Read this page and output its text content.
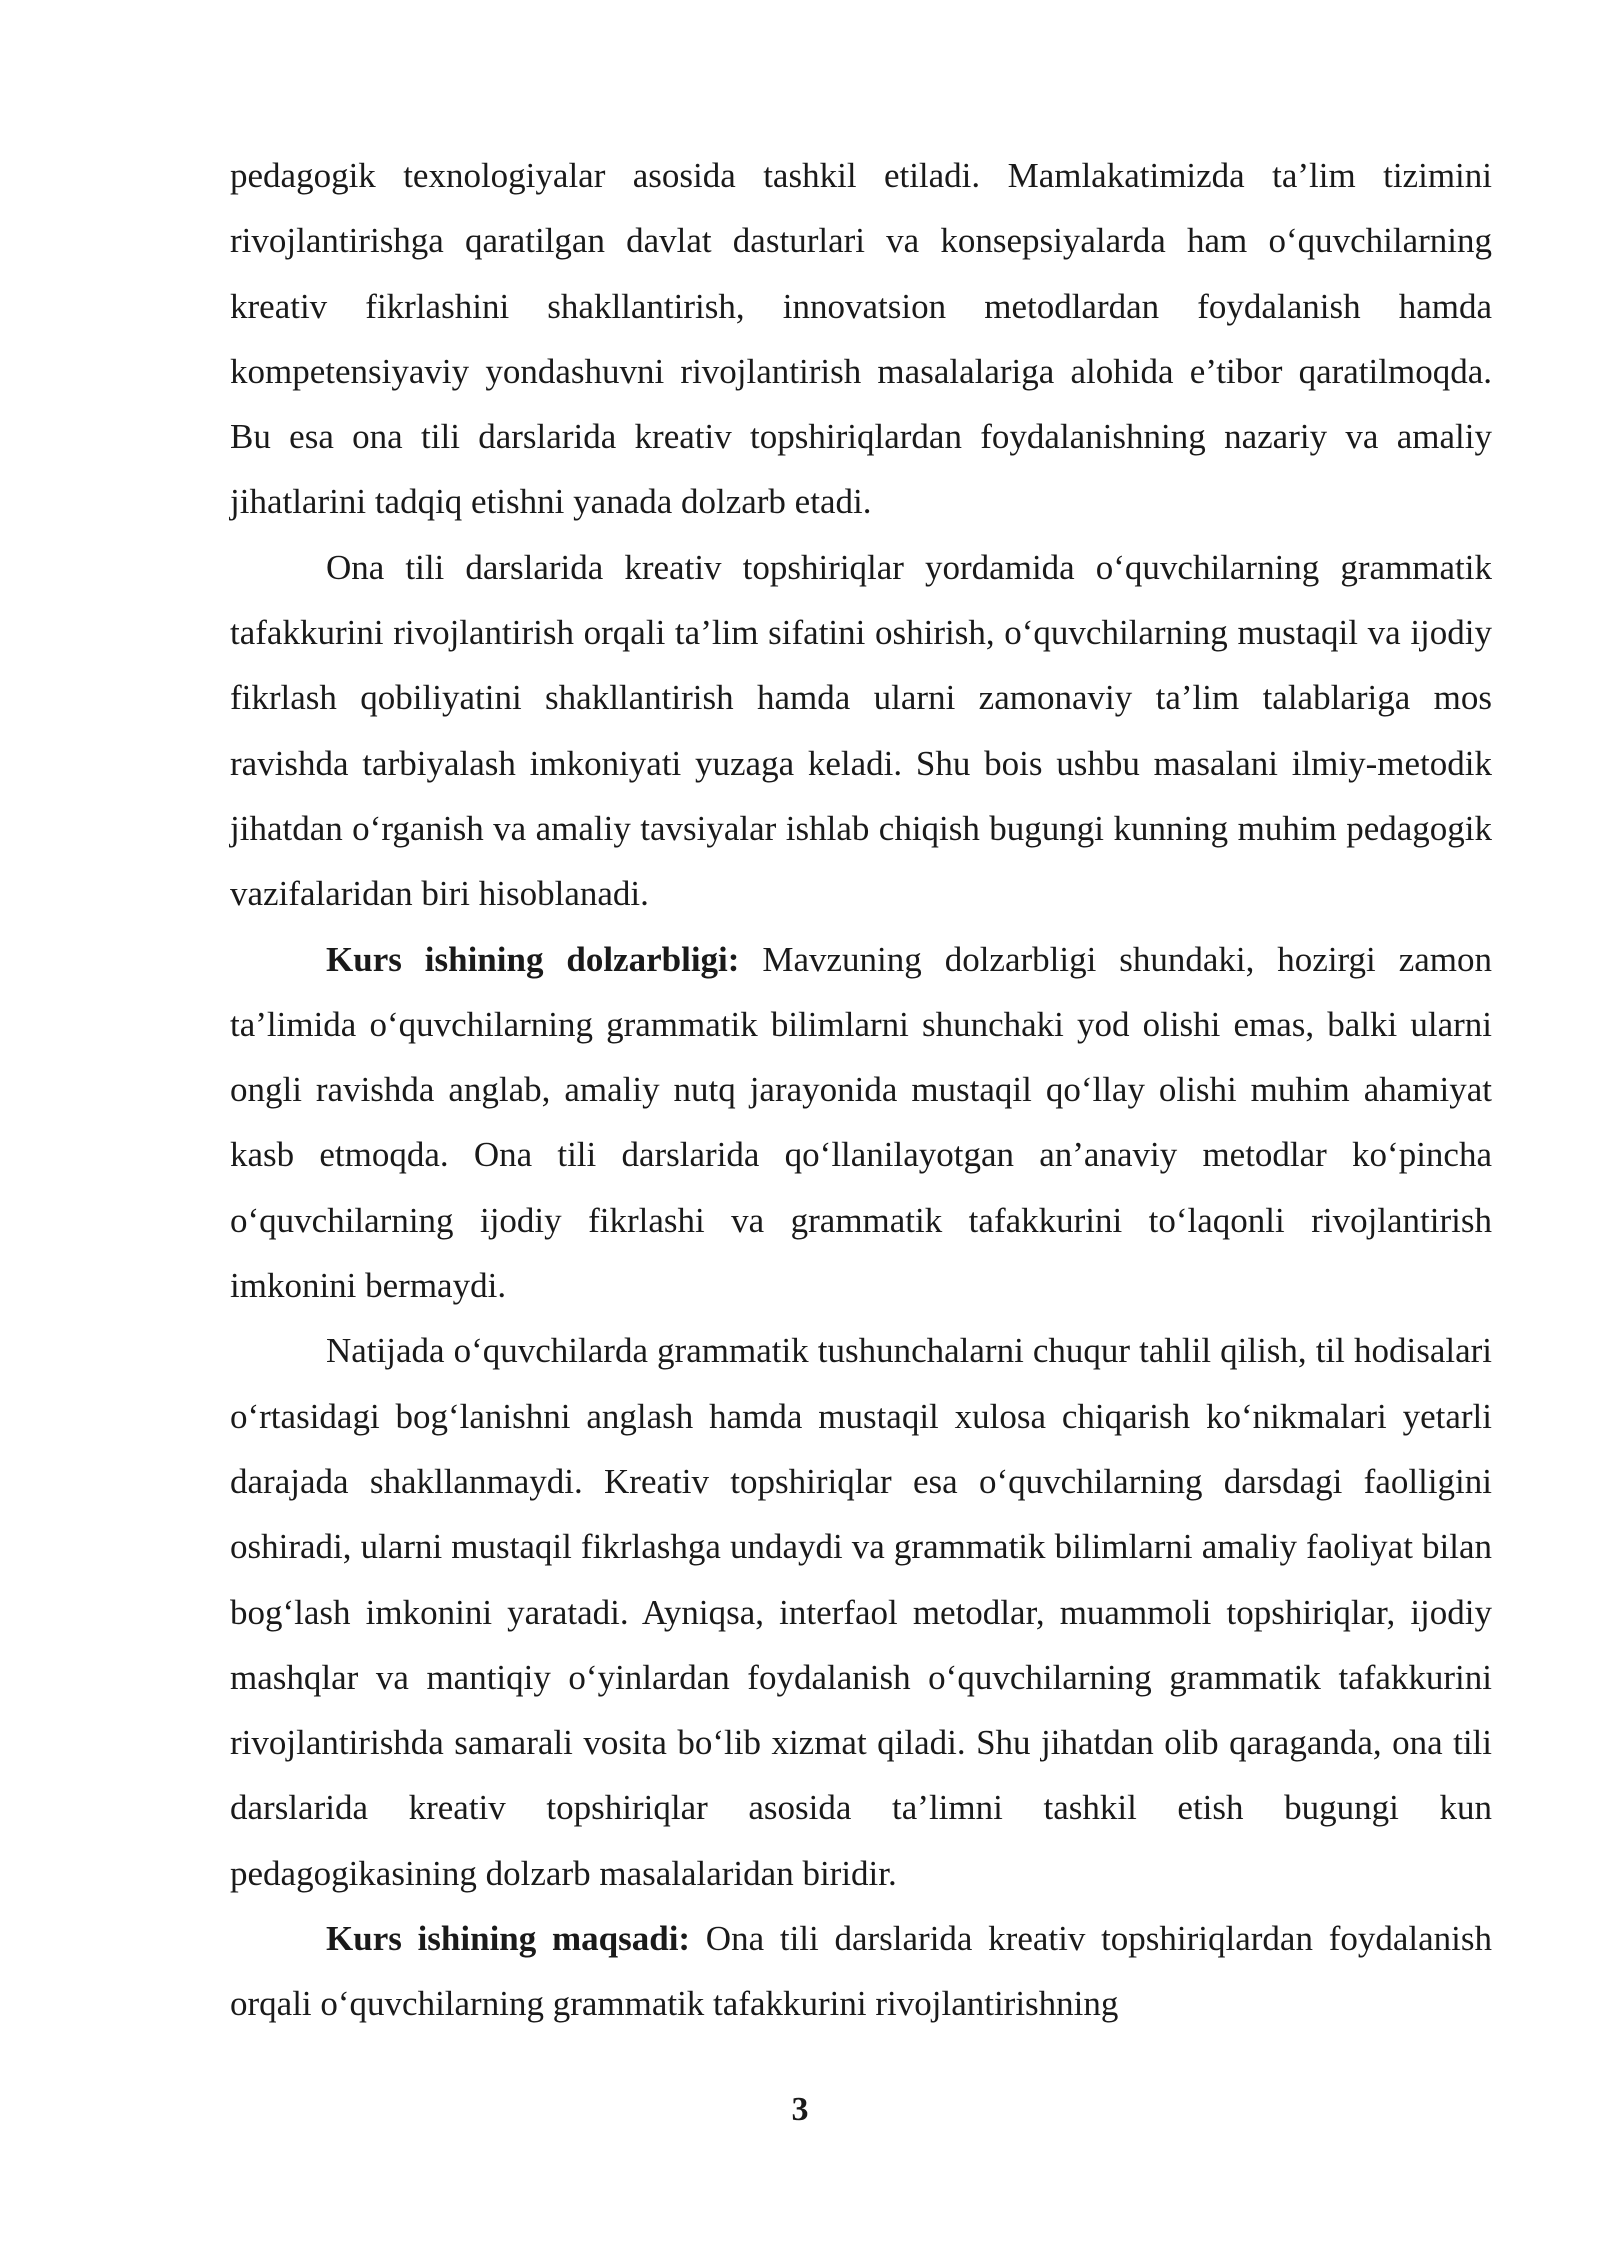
pedagogik texnologiyalar asosida tashkil etiladi. Mamlakatimizda ta’lim tizimini rivojlantirishga qaratilgan davlat dasturlari va konsepsiyalarda ham o‘quvchilarning kreativ fikrlashini shakllantirish, innovatsion metodlardan foydalanish hamda kompetensiyaviy yondashuvni rivojlantirish masalalariga alohida e’tibor qaratilmoqda. Bu esa ona tili darslarida kreativ topshiriqlardan foydalanishning nazariy va amaliy jihatlarini tadqiq etishni yanada dolzarb etadi.

Ona tili darslarida kreativ topshiriqlar yordamida o‘quvchilarning grammatik tafakkurini rivojlantirish orqali ta’lim sifatini oshirish, o‘quvchilarning mustaqil va ijodiy fikrlash qobiliyatini shakllantirish hamda ularni zamonaviy ta’lim talablariga mos ravishda tarbiyalash imkoniyati yuzaga keladi. Shu bois ushbu masalani ilmiy-metodik jihatdan o‘rganish va amaliy tavsiyalar ishlab chiqish bugungi kunning muhim pedagogik vazifalaridan biri hisoblanadi.

Kurs ishining dolzarbligi: Mavzuning dolzarbligi shundaki, hozirgi zamon ta’limida o‘quvchilarning grammatik bilimlarni shunchaki yod olishi emas, balki ularni ongli ravishda anglab, amaliy nutq jarayonida mustaqil qo‘llay olishi muhim ahamiyat kasb etmoqda. Ona tili darslarida qo‘llanilayotgan an’anaviy metodlar ko‘pincha o‘quvchilarning ijodiy fikrlashi va grammatik tafakkurini to‘laqonli rivojlantirish imkonini bermaydi.

Natijada o‘quvchilarda grammatik tushunchalarni chuqur tahlil qilish, til hodisalari o‘rtasidagi bog‘lanishni anglash hamda mustaqil xulosa chiqarish ko‘nikmalari yetarli darajada shakllanmaydi. Kreativ topshiriqlar esa o‘quvchilarning darsdagi faolligini oshiradi, ularni mustaqil fikrlashga undaydi va grammatik bilimlarni amaliy faoliyat bilan bog‘lash imkonini yaratadi. Ayniqsa, interfaol metodlar, muammoli topshiriqlar, ijodiy mashqlar va mantiqiy o‘yinlardan foydalanish o‘quvchilarning grammatik tafakkurini rivojlantirishda samarali vosita bo‘lib xizmat qiladi. Shu jihatdan olib qaraganda, ona tili darslarida kreativ topshiriqlar asosida ta’limni tashkil etish bugungi kun pedagogikasining dolzarb masalalaridan biridir.

Kurs ishining maqsadi: Ona tili darslarida kreativ topshiriqlardan foydalanish orqali o‘quvchilarning grammatik tafakkurini rivojlantirishning

3
